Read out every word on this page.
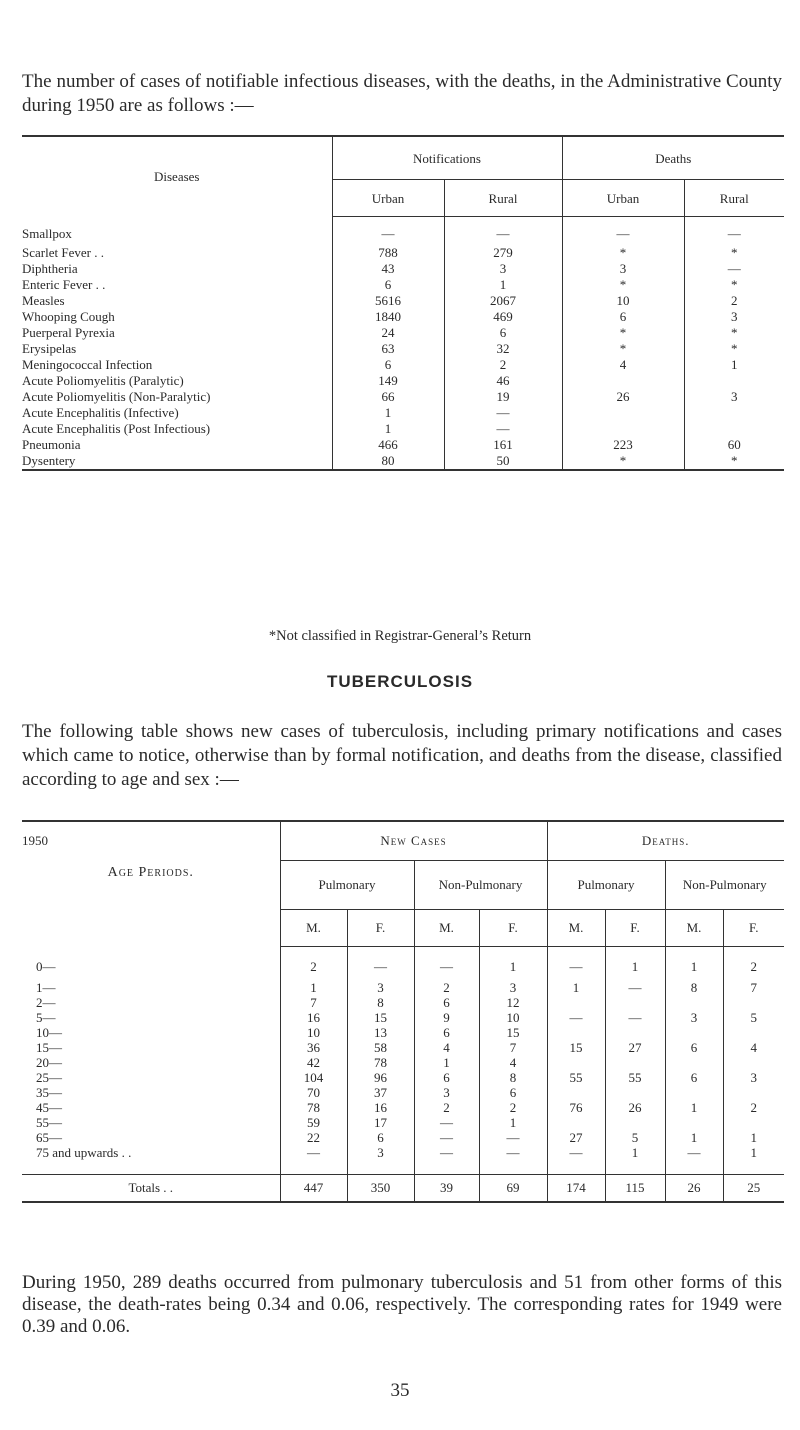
The number of cases of notifiable infectious diseases, with the deaths, in the Administrative County during 1950 are as follows :—
Diseases	Notifications		Deaths	
	Urban	Rural	Urban	Rural
Smallpox	—	—	—	—
Scarlet Fever . .	788	279	*	*
Diphtheria	43	3	3	—
Enteric Fever . .	6	1	*	*
Measles	5616	2067	10	2
Whooping Cough	1840	469	6	3
Puerperal Pyrexia	24	6	*	*
Erysipelas	63	32	*	*
Meningococcal Infection	6	2	4	1
Acute Poliomyelitis (Paralytic)	149	46		
Acute Poliomyelitis (Non-Paralytic)	66	19	26	3
Acute Encephalitis (Infective)	1	—		
Acute Encephalitis (Post Infectious)	1	—		
Pneumonia	466	161	223	60
Dysentery	80	50	*	*
*Not classified in Registrar-General’s Return
TUBERCULOSIS
The following table shows new cases of tuberculosis, including primary notifications and cases which came to notice, otherwise than by formal notification, and deaths from the disease, classified according to age and sex :—
1950	New Cases				Deaths.			
Age Periods.	Pulmonary		Non-Pulmonary		Pulmonary		Non-Pulmonary	
	M.	F.	M.	F.	M.	F.	M.	F.
0—	2	—	—	1	—	1	1	2
1—	1	3	2	3	1	—	8	7
2—	7	8	6	12				
5—	16	15	9	10	—	—	3	5
10—	10	13	6	15				
15—	36	58	4	7	15	27	6	4
20—	42	78	1	4				
25—	104	96	6	8	55	55	6	3
35—	70	37	3	6				
45—	78	16	2	2	76	26	1	2
55—	59	17	—	1				
65—	22	6	—	—	27	5	1	1
75 and upwards . .	—	3	—	—	—	1	—	1
Totals . .	447	350	39	69	174	115	26	25
During 1950, 289 deaths occurred from pulmonary tuberculosis and 51 from other forms of this disease, the death-rates being 0.34 and 0.06, respectively. The corresponding rates for 1949 were 0.39 and 0.06.
35
